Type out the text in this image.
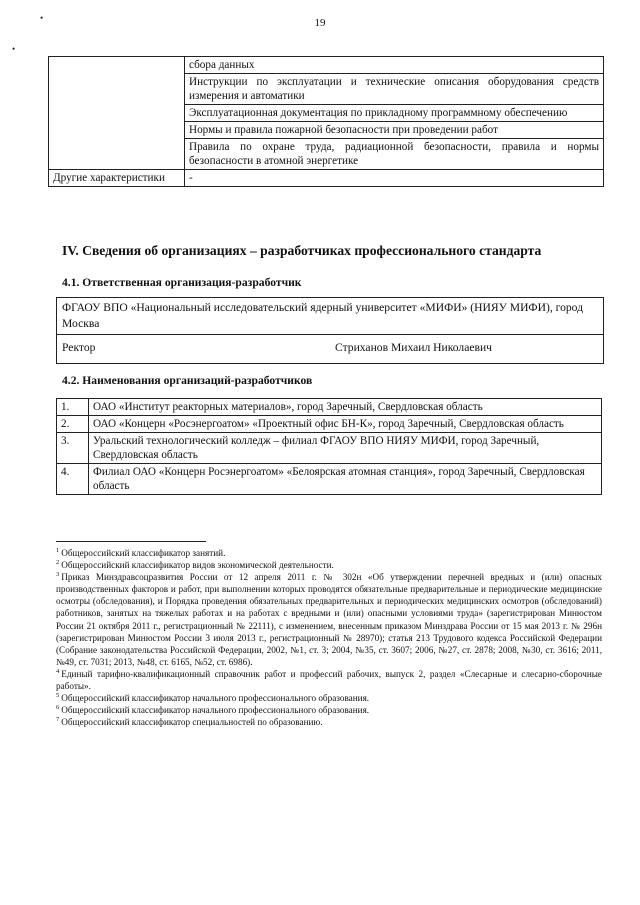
19
•
•
	сбора данных
	Инструкции по эксплуатации и технические описания оборудования средств измерения и автоматики
	Эксплуатационная документация по прикладному программному обеспечению
	Нормы и правила пожарной безопасности при проведении работ
	Правила по охране труда, радиационной безопасности, правила и нормы безопасности в атомной энергетике
Другие характеристики	-
IV. Сведения об организациях – разработчиках профессионального стандарта
4.1. Ответственная организация-разработчик
ФГАОУ ВПО «Национальный исследовательский ядерный университет «МИФИ» (НИЯУ МИФИ), город Москва
Ректор	Стриханов Михаил Николаевич
4.2. Наименования организаций-разработчиков
1.	ОАО «Институт реакторных материалов», город Заречный, Свердловская область
2.	ОАО «Концерн «Росэнергоатом» «Проектный офис БН-К», город Заречный, Свердловская область
3.	Уральский технологический колледж – филиал ФГАОУ ВПО НИЯУ МИФИ, город Заречный, Свердловская область
4.	Филиал ОАО «Концерн Росэнергоатом» «Белоярская атомная станция», город Заречный, Свердловская область

$^1$ Общероссийский классификатор занятий.

$^2$ Общероссийский классификатор видов экономической деятельности.

$^3$ Приказ Минздравсоцразвития России от 12 апреля 2011 г. № 302н «Об утверждении перечней вредных и (или) опасных производственных факторов и работ, при выполнении которых проводятся обязательные предварительные и периодические медицинские осмотры (обследования), и Порядка проведения обязательных предварительных и периодических медицинских осмотров (обследований) работников, занятых на тяжелых работах и на работах с вредными и (или) опасными условиями труда» (зарегистрирован Минюстом России 21 октября 2011 г., регистрационный № 22111), с изменением, внесенным приказом Минздрава России от 15 мая 2013 г. № 296н (зарегистрирован Минюстом России 3 июля 2013 г., регистрационный № 28970); статья 213 Трудового кодекса Российской Федерации (Собрание законодательства Российской Федерации, 2002, №1, ст. 3; 2004, №35, ст. 3607; 2006, №27, ст. 2878; 2008, №30, ст. 3616; 2011, №49, ст. 7031; 2013, №48, ст. 6165, №52, ст. 6986).

$^4$ Единый тарифно-квалификационный справочник работ и профессий рабочих, выпуск 2, раздел «Слесарные и слесарно-сборочные работы».

$^5$ Общероссийский классификатор начального профессионального образования.

$^6$ Общероссийский классификатор начального профессионального образования.

$^7$ Общероссийский классификатор специальностей по образованию.
